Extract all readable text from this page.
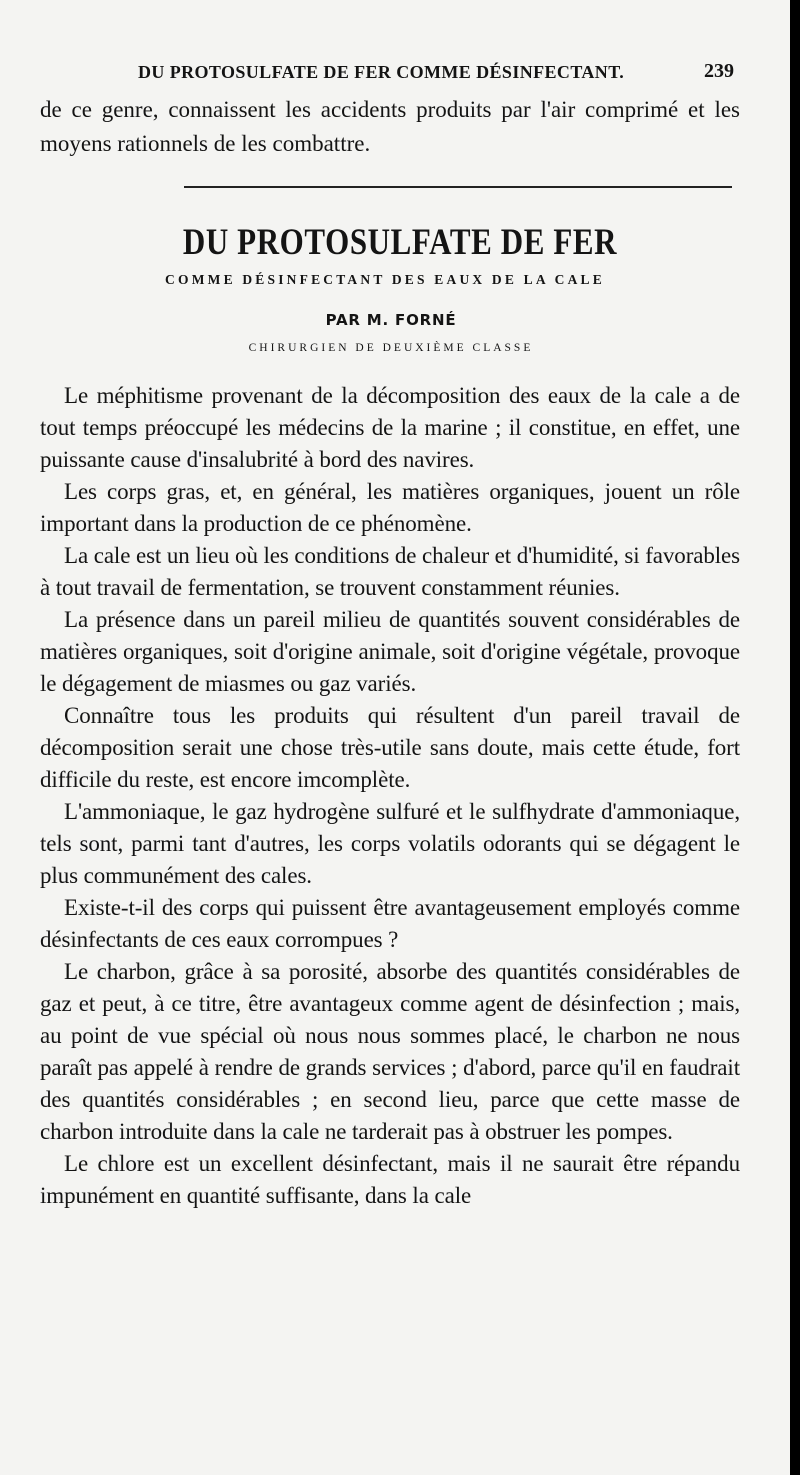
DU PROTOSULFATE DE FER COMME DÉSINFECTANT.	239
de ce genre, connaissent les accidents produits par l'air comprimé et les moyens rationnels de les combattre.
DU PROTOSULFATE DE FER
COMME DÉSINFECTANT DES EAUX DE LA CALE
PAR M. FORNÉ
CHIRURGIEN DE DEUXIÈME CLASSE

Le méphitisme provenant de la décomposition des eaux de la cale a de tout temps préoccupé les médecins de la marine ; il constitue, en effet, une puissante cause d'insalubrité à bord des navires.

Les corps gras, et, en général, les matières organiques, jouent un rôle important dans la production de ce phénomène.

La cale est un lieu où les conditions de chaleur et d'humidité, si favorables à tout travail de fermentation, se trouvent constamment réunies.

La présence dans un pareil milieu de quantités souvent considérables de matières organiques, soit d'origine animale, soit d'origine végétale, provoque le dégagement de miasmes ou gaz variés.

Connaître tous les produits qui résultent d'un pareil travail de décomposition serait une chose très-utile sans doute, mais cette étude, fort difficile du reste, est encore imcomplète.

L'ammoniaque, le gaz hydrogène sulfuré et le sulfhydrate d'ammoniaque, tels sont, parmi tant d'autres, les corps volatils odorants qui se dégagent le plus communément des cales.

Existe-t-il des corps qui puissent être avantageusement employés comme désinfectants de ces eaux corrompues ?

Le charbon, grâce à sa porosité, absorbe des quantités considérables de gaz et peut, à ce titre, être avantageux comme agent de désinfection ; mais, au point de vue spécial où nous nous sommes placé, le charbon ne nous paraît pas appelé à rendre de grands services ; d'abord, parce qu'il en faudrait des quantités considérables ; en second lieu, parce que cette masse de charbon introduite dans la cale ne tarderait pas à obstruer les pompes.

Le chlore est un excellent désinfectant, mais il ne saurait être répandu impunément en quantité suffisante, dans la cale
